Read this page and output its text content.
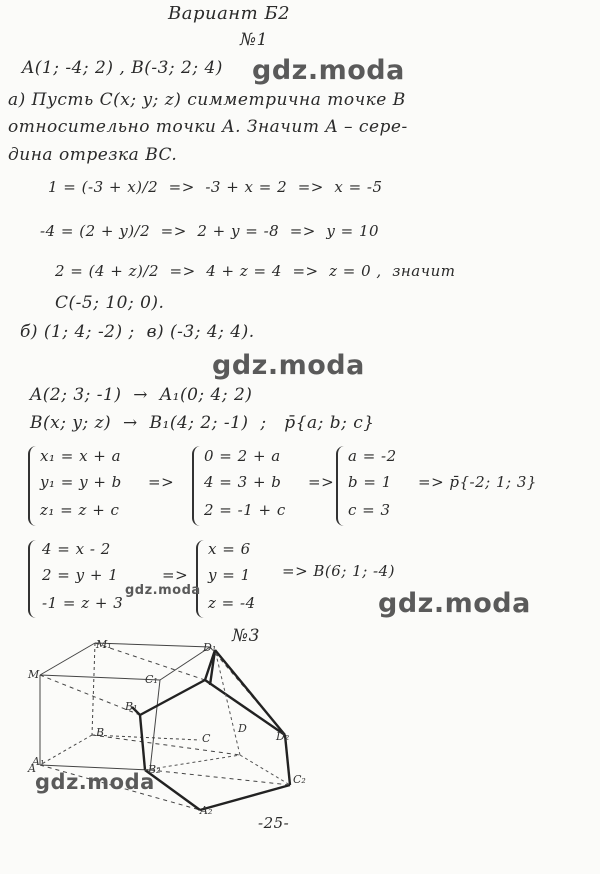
Вариант Б2
№1
A(1; -4; 2) , B(-3; 2; 4)
а) Пусть C(x; y; z) симметрична точке B
относительно точки A. Значит A – сере-
дина отрезка BC.
1 = (-3 + x)/2  =>  -3 + x = 2  =>  x = -5
-4 = (2 + y)/2  =>  2 + y = -8  =>  y = 10
2 = (4 + z)/2  =>  4 + z = 4  =>  z = 0 ,  значит
C(-5; 10; 0).
б) (1; 4; -2) ;  в) (-3; 4; 4).
A(2; 3; -1)  →  A₁(0; 4; 2)
B(x; y; z)  →  B₁(4; 2; -1)  ;   p̄{a; b; c}
x₁ = x + a
y₁ = y + b
z₁ = z + c
=>
0 = 2 + a
4 = 3 + b
2 = -1 + c
=>
a = -2
b = 1
c = 3
=> p̄{-2; 1; 3}
4 = x - 2
2 = y + 1
-1 = z + 3
=>
x = 6
y = 1
z = -4
=> B(6; 1; -4)
№3
M₁
M
B
A
A₁
D₁
C₁
B₁
C
D
B₂
A₂
D₂
C₂
-25-
gdz.moda
gdz.moda
gdz.moda
gdz.moda
gdz.moda
